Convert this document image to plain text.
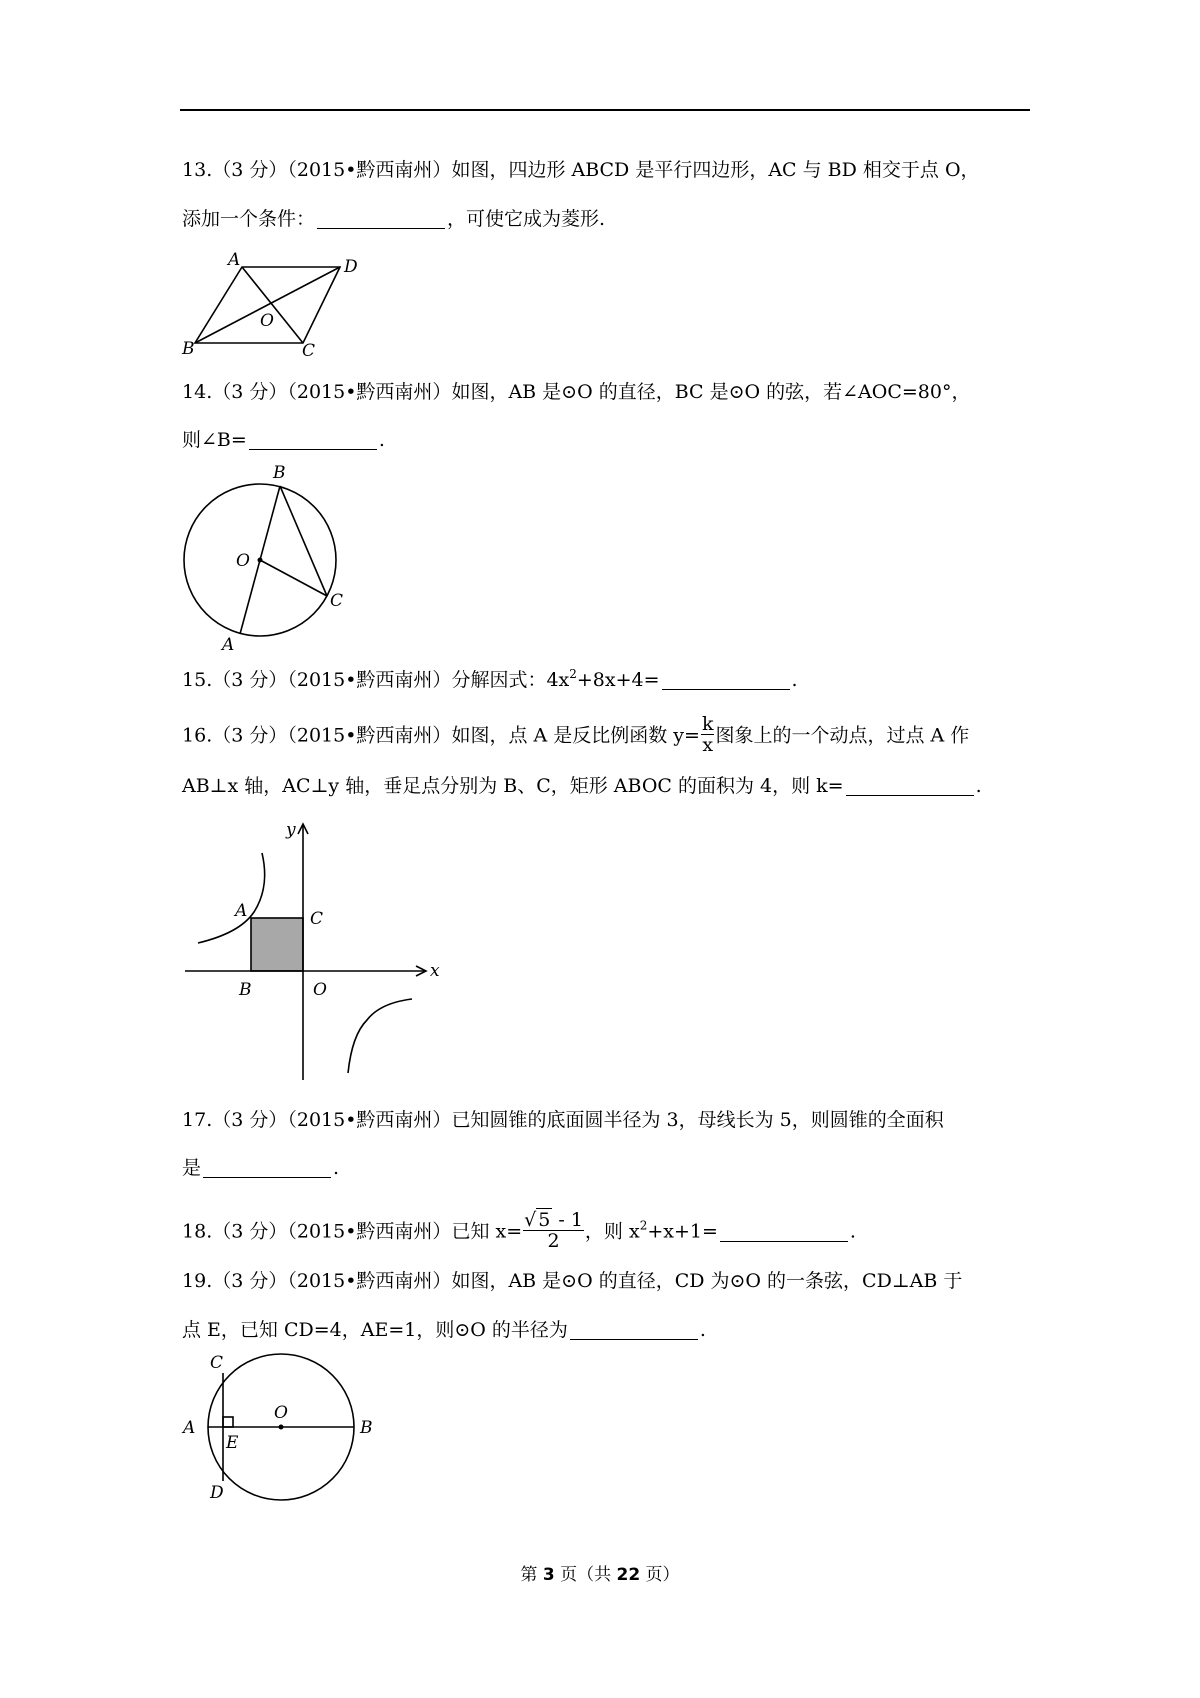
13.（3 分）（2015•黔西南州）如图，四边形 ABCD 是平行四边形，AC 与 BD 相交于点 O，
添加一个条件：	，可使它成为菱形.
A	D
O
B	C
14.（3 分）（2015•黔西南州）如图，AB 是⊙O 的直径，BC 是⊙O 的弦，若∠AOC=80°，
则∠B=	.
B
O
C
A
15.（3 分）（2015•黔西南州）分解因式：$4x^2+8x+4=$	.
16.（3 分）（2015•黔西南州）如图，点 A 是反比例函数 $y= \frac{k}{x}$ 图象上的一个动点，过点 A 作
AB⊥x 轴，AC⊥y 轴，垂足点分别为 B、C，矩形 ABOC 的面积为 4，则 k=	.
y
A	C
x
B	O
17.（3 分）（2015•黔西南州）已知圆锥的底面圆半径为 3，母线长为 5，则圆锥的全面积
是	.
18.（3 分）（2015•黔西南州）已知 $x= \frac{√ 5 - 1}{2}$ ，则 $x^2+x+1=$	.
19.（3 分）（2015•黔西南州）如图，AB 是⊙O 的直径，CD 为⊙O 的一条弦，CD⊥AB 于
点 E，已知 CD=4，AE=1，则⊙O 的半径为	.
C
O
A	B
E
D
第 3 页（共 22 页）
